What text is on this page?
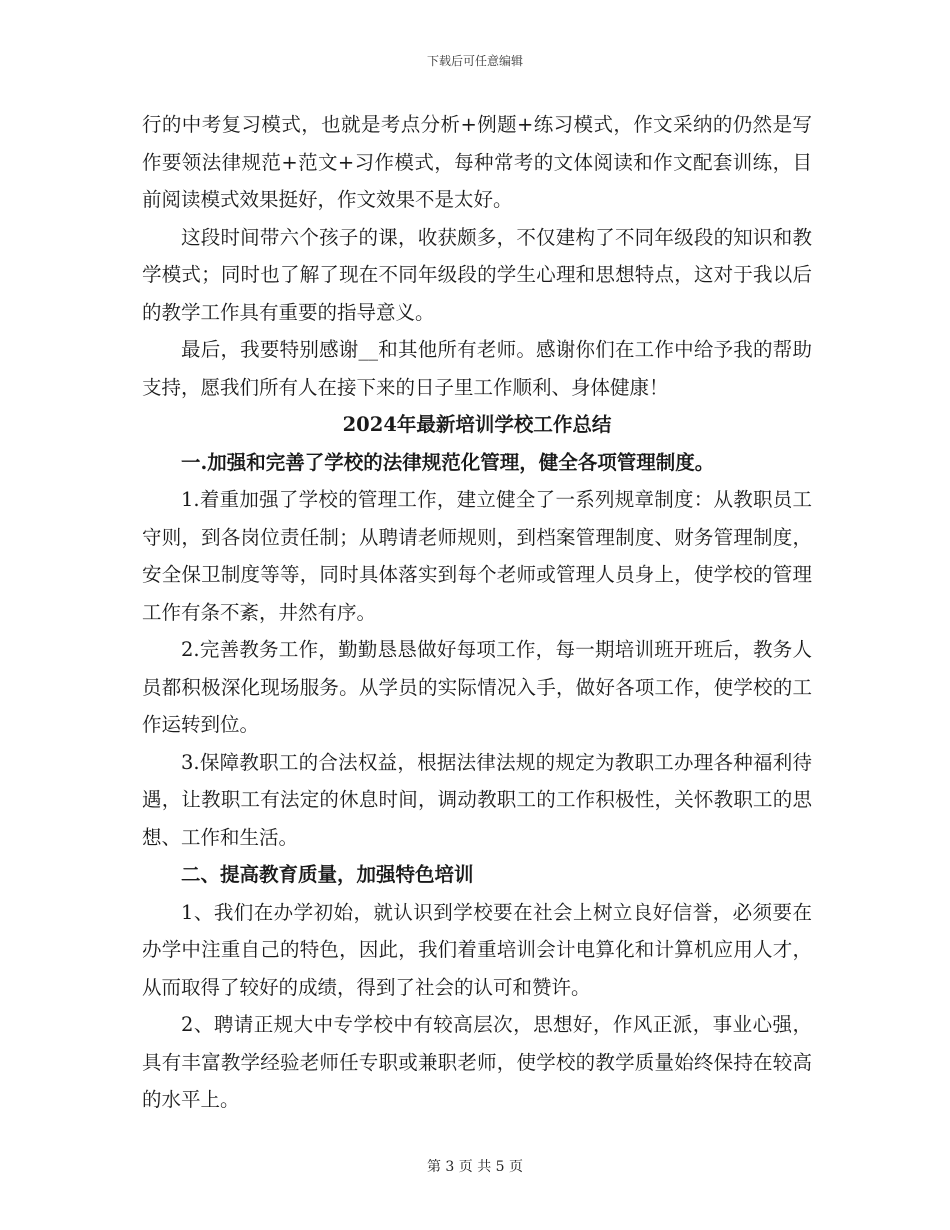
下载后可任意编辑

行的中考复习模式，也就是考点分析+例题+练习模式，作文采纳的仍然是写作要领法律规范+范文+习作模式，每种常考的文体阅读和作文配套训练，目前阅读模式效果挺好，作文效果不是太好。

这段时间带六个孩子的课，收获颇多，不仅建构了不同年级段的知识和教学模式；同时也了解了现在不同年级段的学生心理和思想特点，这对于我以后的教学工作具有重要的指导意义。

最后，我要特别感谢__和其他所有老师。感谢你们在工作中给予我的帮助支持，愿我们所有人在接下来的日子里工作顺利、身体健康！

2024年最新培训学校工作总结

一.加强和完善了学校的法律规范化管理，健全各项管理制度。

1.着重加强了学校的管理工作，建立健全了一系列规章制度：从教职员工守则，到各岗位责任制；从聘请老师规则，到档案管理制度、财务管理制度，安全保卫制度等等，同时具体落实到每个老师或管理人员身上，使学校的管理工作有条不紊，井然有序。

2.完善教务工作，勤勤恳恳做好每项工作，每一期培训班开班后，教务人员都积极深化现场服务。从学员的实际情况入手，做好各项工作，使学校的工作运转到位。

3.保障教职工的合法权益，根据法律法规的规定为教职工办理各种福利待遇，让教职工有法定的休息时间，调动教职工的工作积极性，关怀教职工的思想、工作和生活。

二、提高教育质量，加强特色培训

1、我们在办学初始，就认识到学校要在社会上树立良好信誉，必须要在办学中注重自己的特色，因此，我们着重培训会计电算化和计算机应用人才，从而取得了较好的成绩，得到了社会的认可和赞许。

2、聘请正规大中专学校中有较高层次，思想好，作风正派，事业心强，具有丰富教学经验老师任专职或兼职老师，使学校的教学质量始终保持在较高的水平上。

第 3 页 共 5 页
